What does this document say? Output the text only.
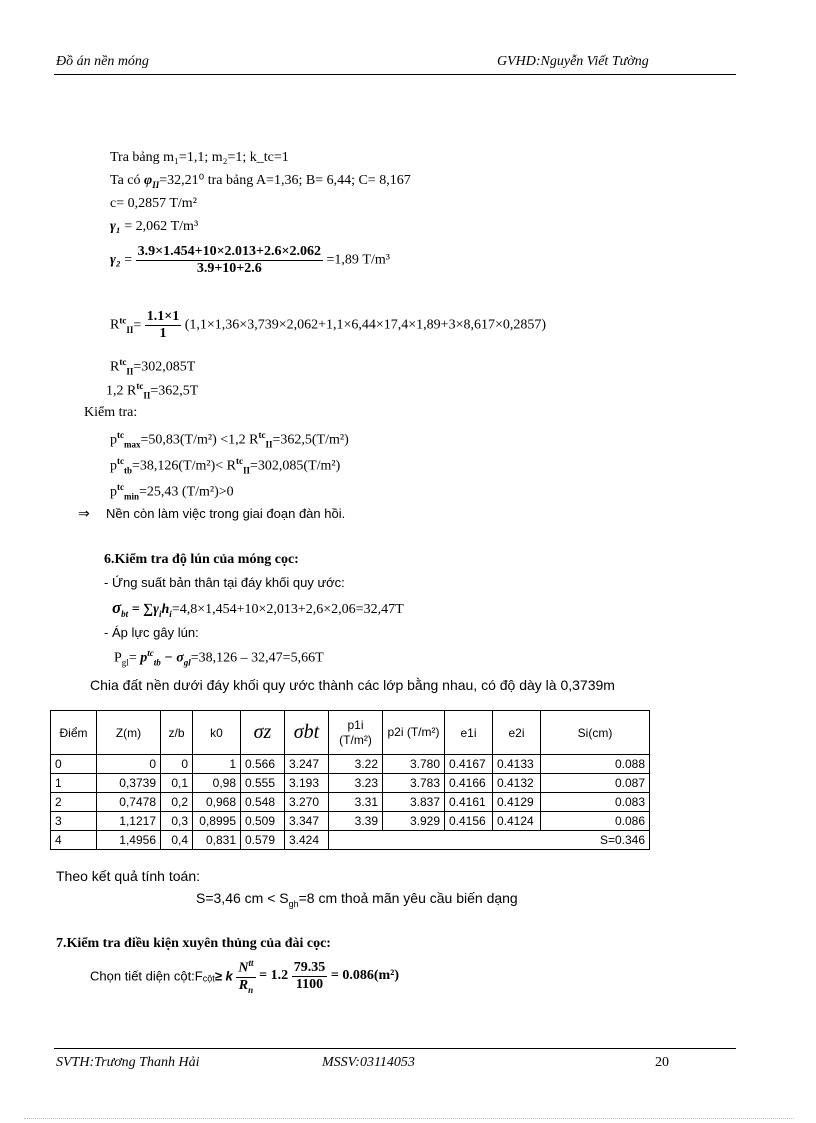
Đồ án nền móng	GVHD:Nguyễn Viết Tường
Tra bảng m₁=1,1; m₂=1; k_tc=1
Ta có $\varphi_{II}=32,21^0$ tra bảng A=1,36; B= 6,44; C= 8,167
c= 0,2857 T/m²
γ₁ = 2,062 T/m³
$\gamma_2 = \frac{3.9\times 1.454+10\times 2.013+2.6\times 2.062}{3.9+10+2.6} =1,89$ T/m³
$R^{tc}_{II}= \frac{1.1\times 1}{1} (1,1\times 1,36\times 3,739\times 2,062+1,1\times 6,44\times 17,4\times 1,89+3\times 8,617\times 0,2857)$
$R^{tc}_{II}=302,085T$
1,2 $R^{tc}_{II}=362,5T$
Kiểm tra:
$p^{tc}_{max}=50,83(T/m^2) <1,2$ $R^{tc}_{II}=362,5(T/m^2)$
$p^{tc}_{tb}=38,126(T/m^2)< R^{tc}_{II}=302,085(T/m^2)$
$p^{tc}_{min}=25,43$ (T/m²)>0
⇒ Nền còn làm việc trong giai đoạn đàn hồi.
6.Kiểm tra độ lún của móng cọc:
- Ứng suất bản thân tại đáy khối quy ước:
$\sigma_{bt} = \sum\gamma_ih_i=4,8\times 1,454+10\times 2,013+2,6\times 2,06=32,47T$
- Áp lực gây lún:
$P_{gl}= p^{tc}_{tb} - \sigma_{gl}=38,126 - 32,47=5,66T$
Chia đất nền dưới đáy khối quy ước thành các lớp bằng nhau, có độ dày là 0,3739m
Điểm	Z(m)	z/b	k0	σz	σbt	p1i (T/m²)	p2i (T/m²)	e1i	e2i	Si(cm)
0	0	0	1	0.566	3.247	3.22	3.780	0.4167	0.4133	0.088
1	0,3739	0,1	0,98	0.555	3.193	3.23	3.783	0.4166	0.4132	0.087
2	0,7478	0,2	0,968	0.548	3.270	3.31	3.837	0.4161	0.4129	0.083
3	1,1217	0,3	0,8995	0.509	3.347	3.39	3.929	0.4156	0.4124	0.086
4	1,4956	0,4	0,831	0.579	3.424	S=0.346				
Theo kết quả tính toán:
S=3,46 cm < $S_{gh}=8$ cm thoả mãn yêu cầu biến dạng
7.Kiểm tra điều kiện xuyên thủng của đài cọc:
Chọn tiết diện $cột:F_{cột}\ge k \frac{N^{tt}}{R_n} = 1.2 \frac{79.35}{1100} = 0.086(m^2)$
SVTH:Trương Thanh Hải	MSSV:03114053	20
